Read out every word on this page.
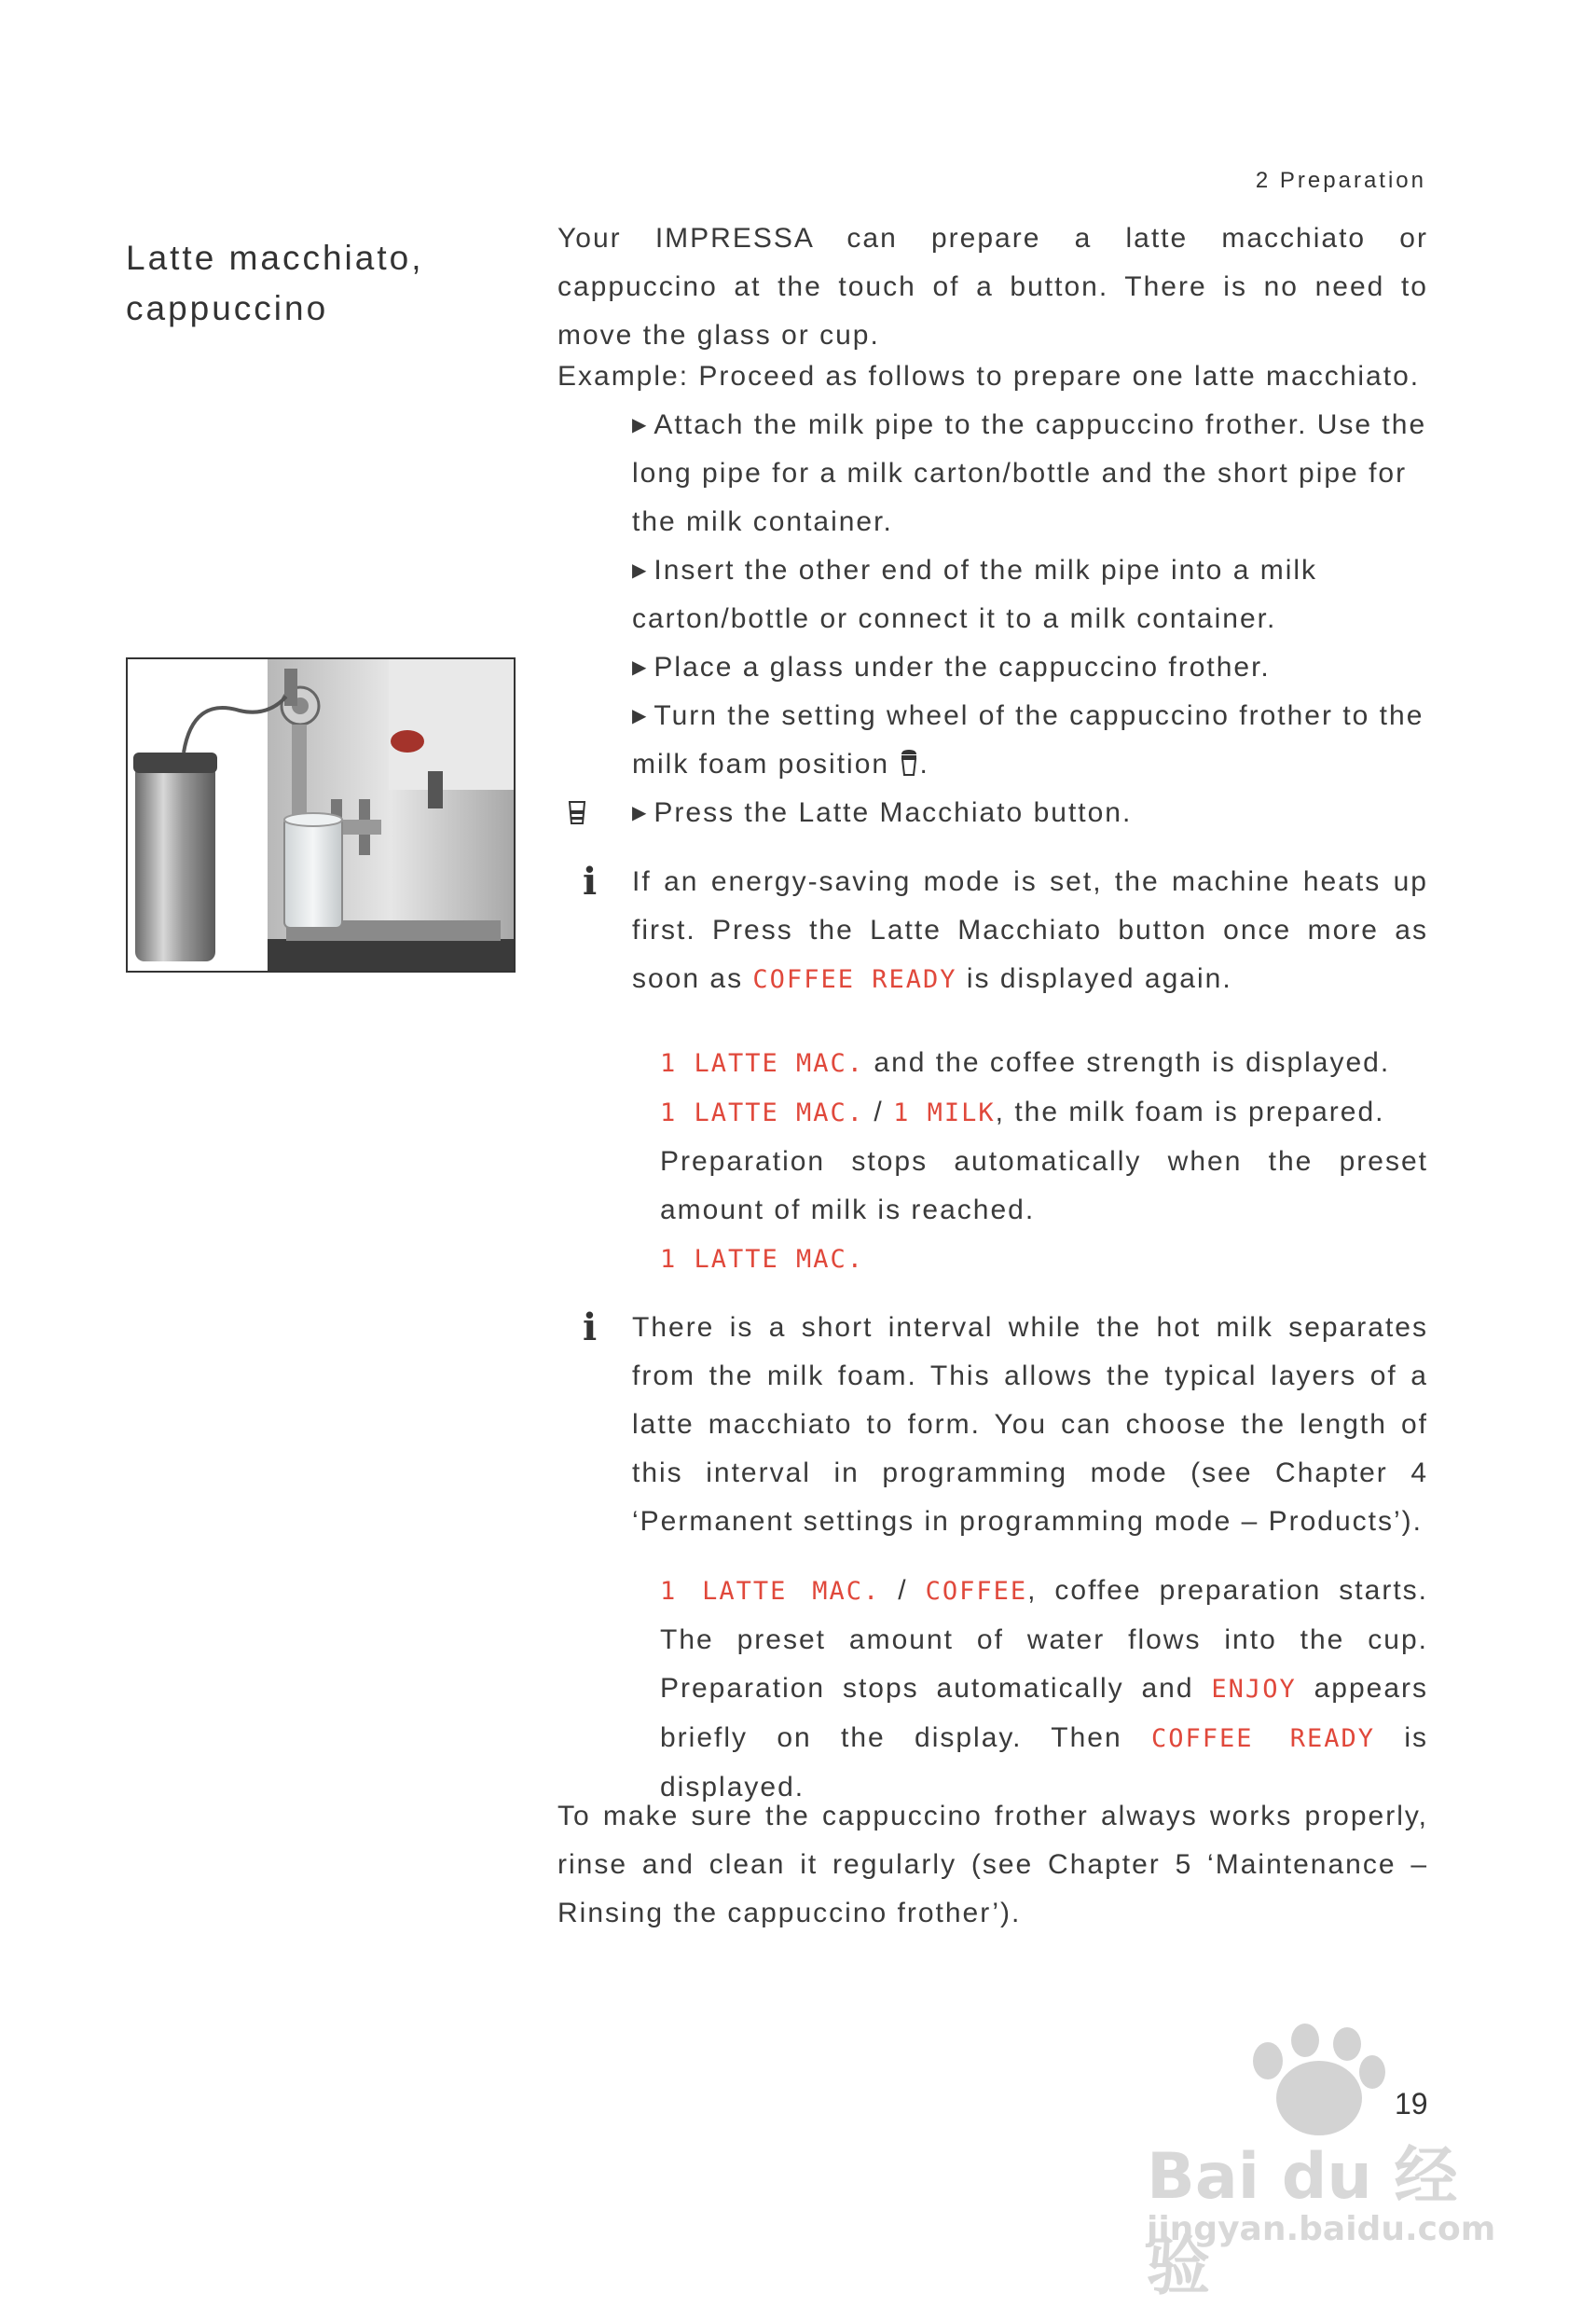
2 Preparation
Latte macchiato,
cappuccino

Your IMPRESSA can prepare a latte macchiato or cappuccino at the touch of a button. There is no need to move the glass or cup.

Example: Proceed as follows to prepare one latte macchiato.

▶ Attach the milk pipe to the cappuccino frother. Use the long pipe for a milk carton/bottle and the short pipe for the milk container.
▶ Insert the other end of the milk pipe into a milk carton/bottle or connect it to a milk container.
▶ Place a glass under the cappuccino frother.
▶ Turn the setting wheel of the cappuccino frother to the milk foam position .
▶ Press the Latte Macchiato button.
i If an energy-saving mode is set, the machine heats up first. Press the Latte Macchiato button once more as soon as COFFEE READY is displayed again.

1 LATTE MAC. and the coffee strength is displayed.
1 LATTE MAC. / 1 MILK, the milk foam is prepared.
Preparation stops automatically when the preset amount of milk is reached.
1 LATTE MAC.
i There is a short interval while the hot milk separates from the milk foam. This allows the typical layers of a latte macchiato to form. You can choose the length of this interval in programming mode (see Chapter 4 ‘Permanent settings in programming mode – Products’).

1 LATTE MAC. / COFFEE, coffee preparation starts. The preset amount of water flows into the cup. Preparation stops automatically and ENJOY appears briefly on the display. Then COFFEE READY is displayed.

To make sure the cappuccino frother always works properly, rinse and clean it regularly (see Chapter 5 ‘Maintenance – Rinsing the cappuccino frother’).

Bai du 经验
jingyan.baidu.com
19
